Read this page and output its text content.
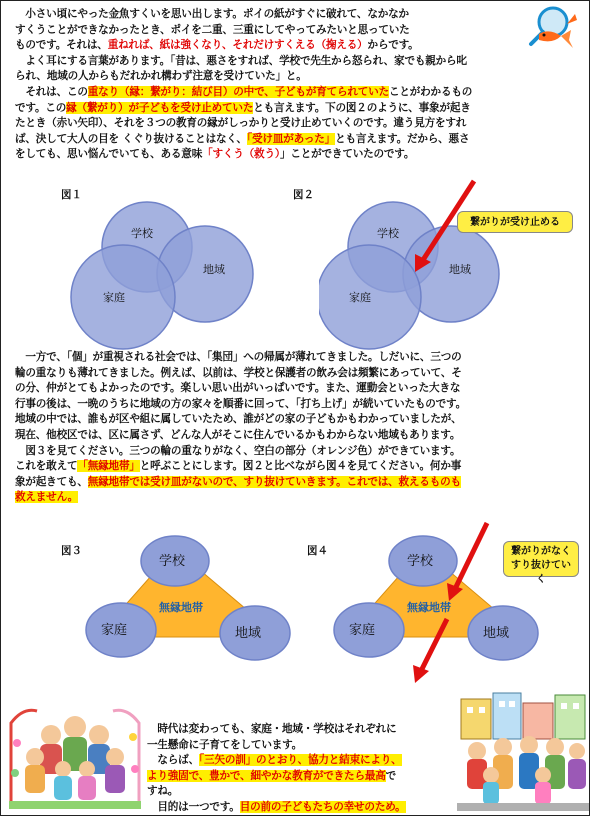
　小さい頃にやった金魚すくいを思い出します。ポイの紙がすぐに破れて、なかなか
すくうことができなかったとき、ポイを二重、三重にしてやってみたいと思っていた
ものです。それは、重ねれば、紙は強くなり、それだけすくえる（掬える）からです。
　よく耳にする言葉があります。「昔は、悪さをすれば、学校で先生から怒られ、家でも親から叱
られ、地域の人からもだれかれ構わず注意を受けていた」と。
　それは、この重なり（縁：繋がり：結び目）の中で、子どもが育てられていたことがわかるもの
です。この縁（繋がり）が子どもを受け止めていたとも言えます。下の図２のように、事象が起き
たとき（赤い矢印）、それを３つの教育の縁がしっかりと受け止めていくのです。違う見方をすれ
ば、決して大人の目を くぐり抜けることはなく、「受け皿があった」とも言えます。だから、悪さ
をしても、思い悩んでいても、ある意味「すくう（救う）」ことができていたのです。
図１
学校
地域
家庭
図２
学校
地域
家庭
繋がりが受け止める
　一方で、「個」が重視される社会では、「集団」への帰属が薄れてきました。しだいに、三つの
輪の重なりも薄れてきました。例えば、以前は、学校と保護者の飲み会は頻繁にあっていて、そ
の分、仲がとてもよかったのです。楽しい思い出がいっぱいです。また、運動会といった大きな
行事の後は、一晩のうちに地域の方の家々を順番に回って、「打ち上げ」が続いていたものです。
地域の中では、誰もが区や組に属していたため、誰がどの家の子どもかもわかっていましたが、
現在、他校区では、区に属さず、どんな人がそこに住んでいるかもわからない地域もあります。
　図３を見てください。三つの輪の重なりがなく、空白の部分（オレンジ色）ができています。
これを敢えて「無縁地帯」と呼ぶことにします。図２と比べながら図４を見てください。何か事
象が起きても、無縁地帯では受け皿がないので、すり抜けていきます。これでは、救えるものも
救えません。
図３
学校
地域
家庭
無縁地帯
図４
学校
地域
家庭
無縁地帯
繋がりがなく
すり抜けていく
　時代は変わっても、家庭・地域・学校はそれぞれに
一生懸命に子育てをしています。
　ならば、「三矢の訓」のとおり、協力と結束により、
より強固で、豊かで、細やかな教育ができたら最高で
すね。
　目的は一つです。目の前の子どもたちの幸せのため。
